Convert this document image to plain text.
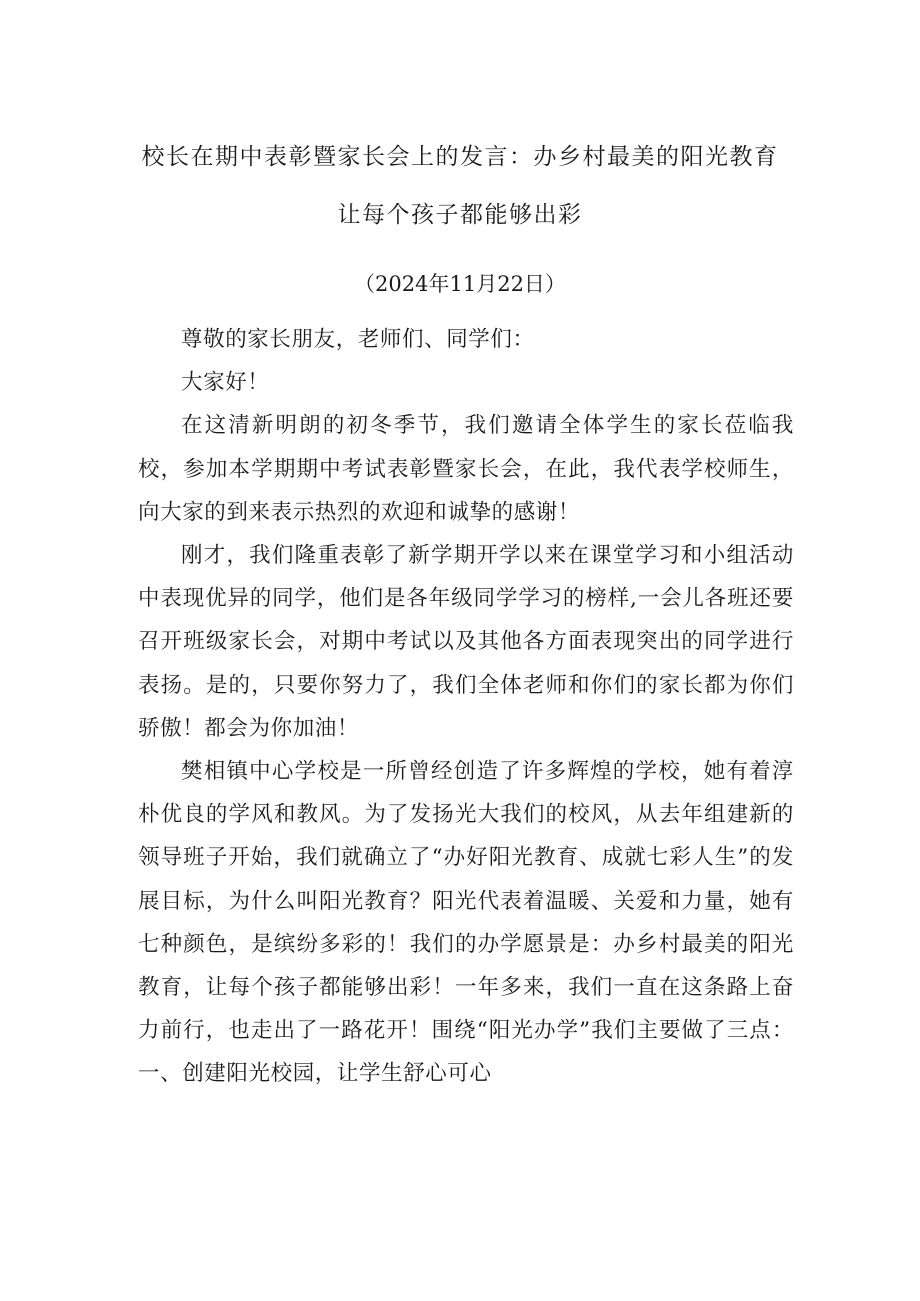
校长在期中表彰暨家长会上的发言：办乡村最美的阳光教育
让每个孩子都能够出彩
（2024年11月22日）

尊敬的家长朋友，老师们、同学们：

大家好！

在这清新明朗的初冬季节，我们邀请全体学生的家长莅临我校，参加本学期期中考试表彰暨家长会，在此，我代表学校师生，向大家的到来表示热烈的欢迎和诚挚的感谢！

刚才，我们隆重表彰了新学期开学以来在课堂学习和小组活动中表现优异的同学，他们是各年级同学学习的榜样,一会儿各班还要召开班级家长会，对期中考试以及其他各方面表现突出的同学进行表扬。是的，只要你努力了，我们全体老师和你们的家长都为你们骄傲！都会为你加油！

樊相镇中心学校是一所曾经创造了许多辉煌的学校，她有着淳朴优良的学风和教风。为了发扬光大我们的校风，从去年组建新的领导班子开始，我们就确立了“办好阳光教育、成就七彩人生”的发展目标，为什么叫阳光教育？阳光代表着温暖、关爱和力量，她有七种颜色，是缤纷多彩的！我们的办学愿景是：办乡村最美的阳光教育，让每个孩子都能够出彩！一年多来，我们一直在这条路上奋力前行，也走出了一路花开！围绕“阳光办学”我们主要做了三点：一、创建阳光校园，让学生舒心可心
